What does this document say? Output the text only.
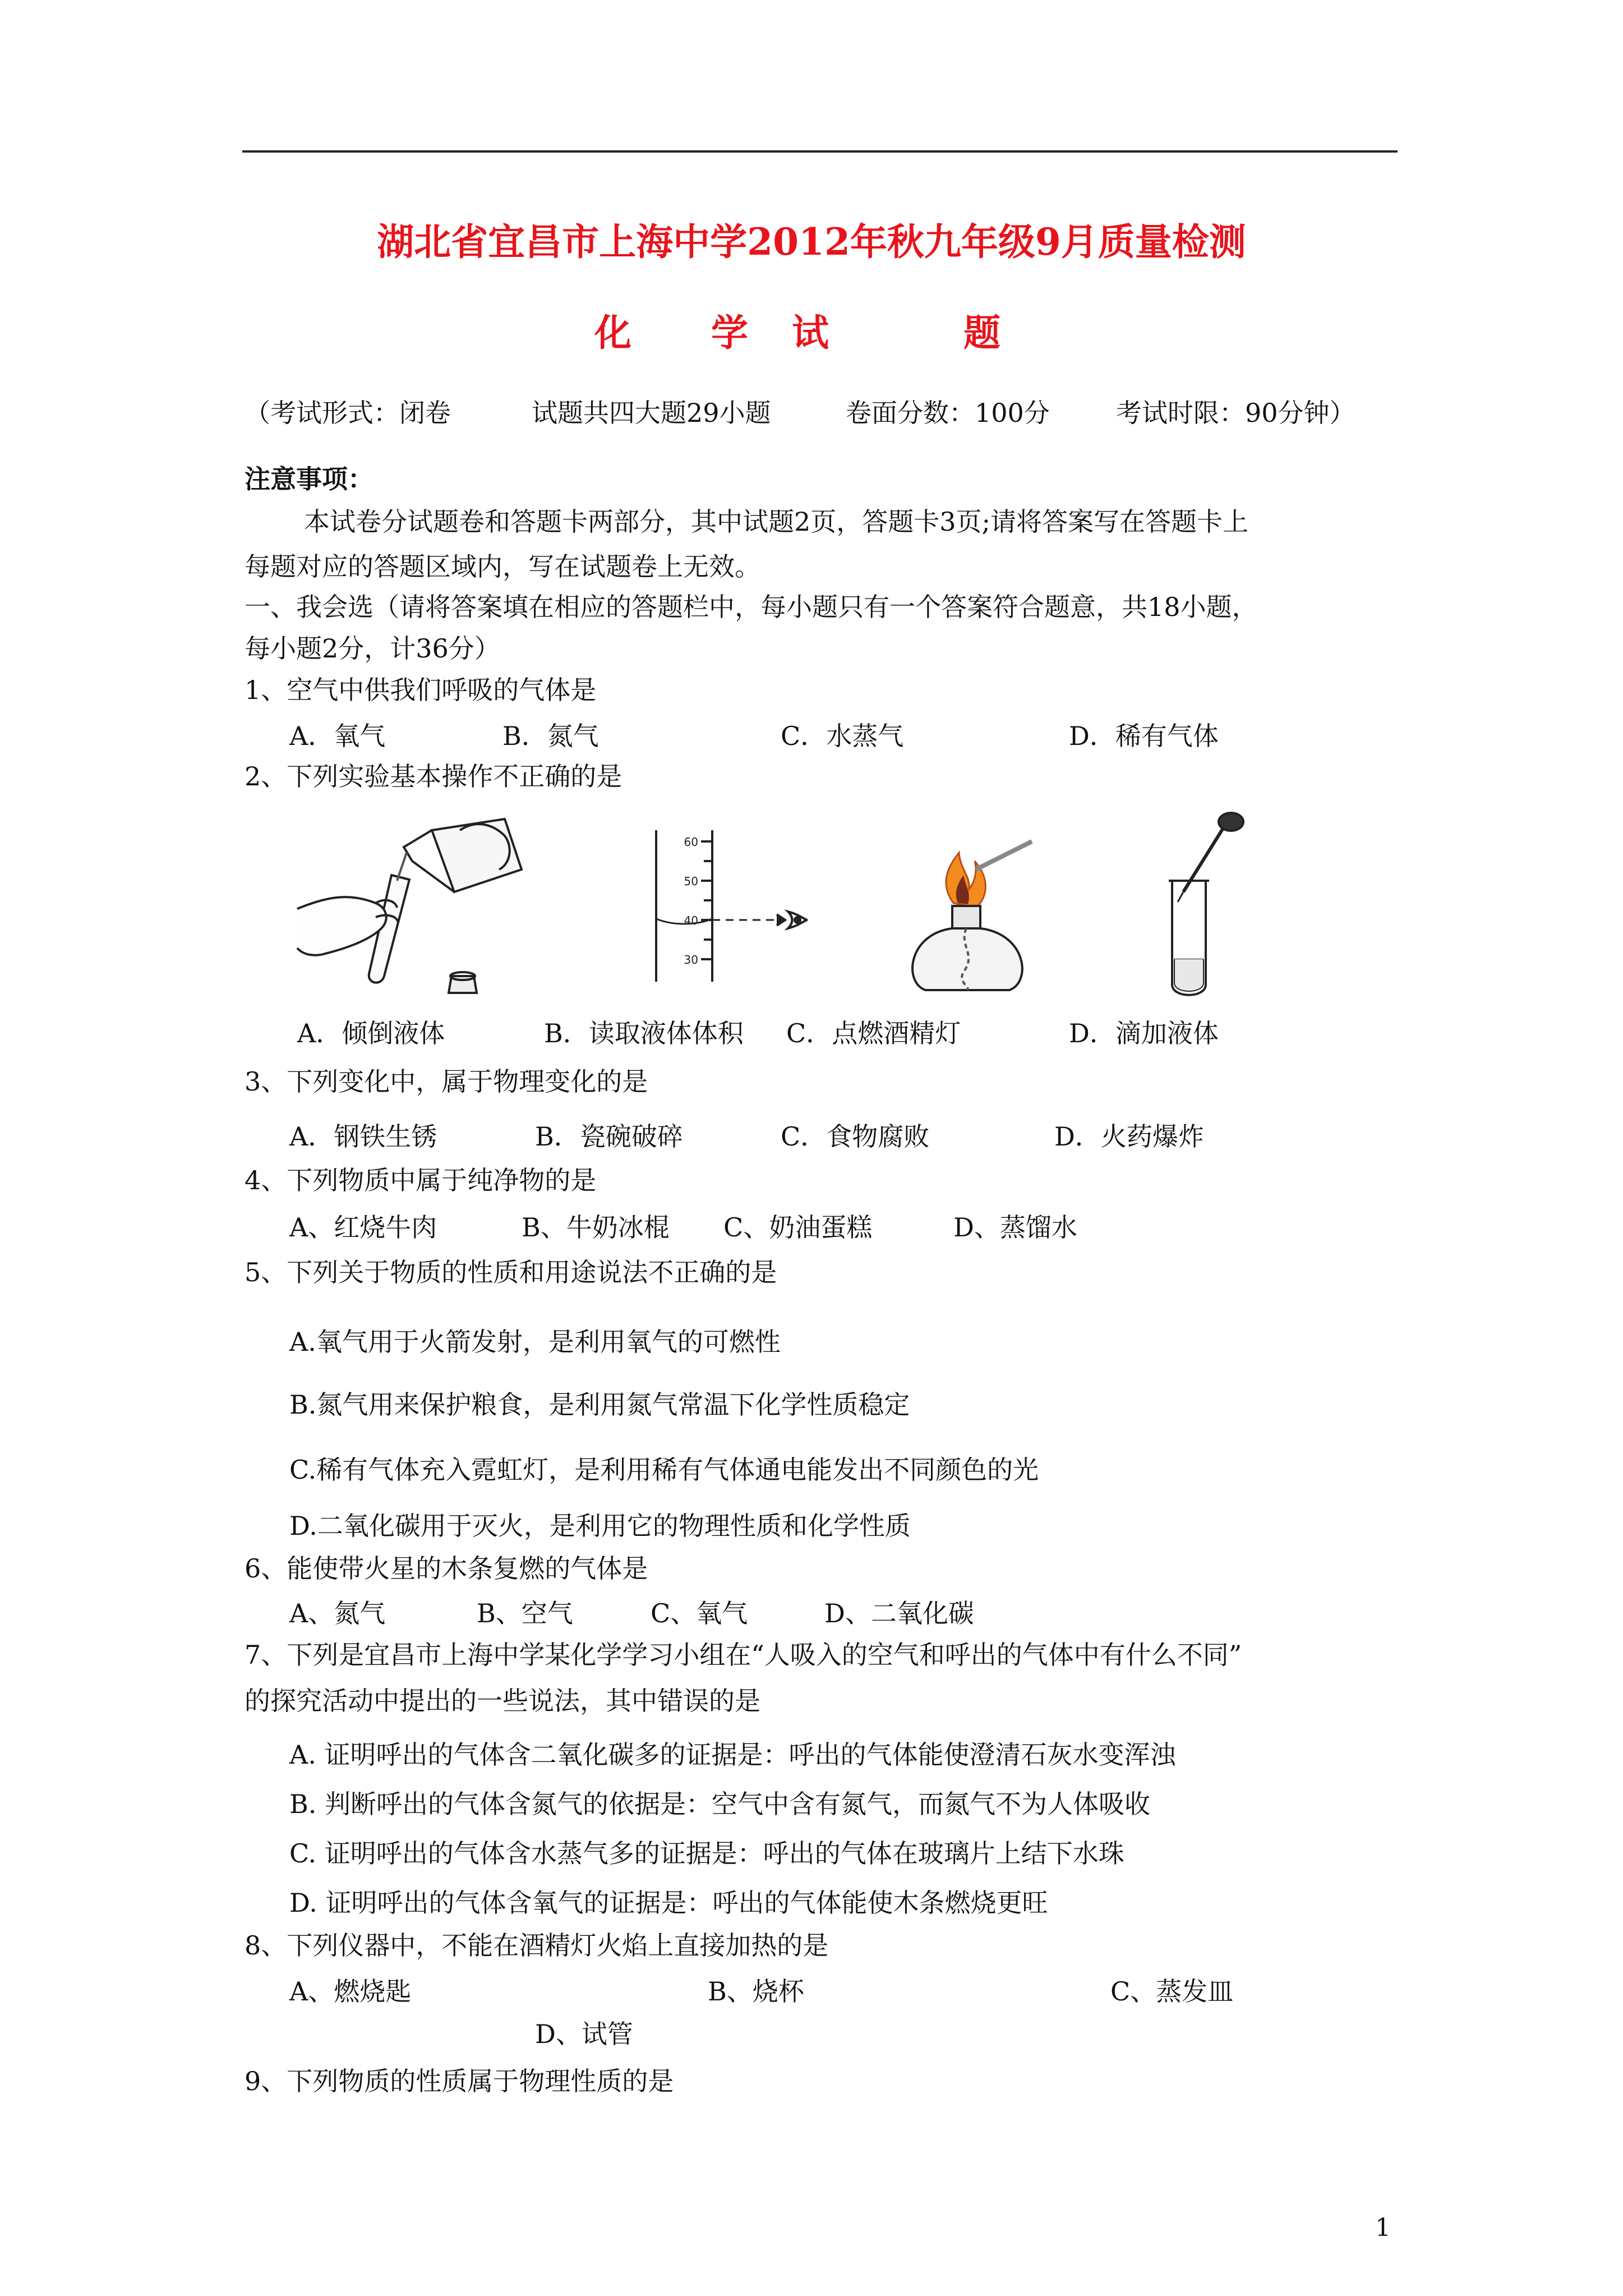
湖北省宜昌市上海中学2012年秋九年级9月质量检测
化 学 试	题
（考试形式：闭卷	试题共四大题29小题	卷面分数：100分	考试时限：90分钟）
注意事项：
本试卷分试题卷和答题卡两部分，其中试题2页，答题卡3页;请将答案写在答题卡上
每题对应的答题区域内，写在试题卷上无效。
一、我会选（请将答案填在相应的答题栏中，每小题只有一个答案符合题意，共18小题，
每小题2分，计36分）
1、空气中供我们呼吸的气体是
A．氧气	B．氮气	C．水蒸气	D．稀有气体
2、下列实验基本操作不正确的是
60
50
40
30
A．倾倒液体	B．读取液体体积 C．点燃酒精灯	D．滴加液体
3、下列变化中，属于物理变化的是
A．钢铁生锈	B．瓷碗破碎	C．食物腐败	D．火药爆炸
4、下列物质中属于纯净物的是
A、红烧牛肉	B、牛奶冰棍 C、奶油蛋糕	D、蒸馏水
5、下列关于物质的性质和用途说法不正确的是
A.氧气用于火箭发射，是利用氧气的可燃性
B.氮气用来保护粮食，是利用氮气常温下化学性质稳定
C.稀有气体充入霓虹灯，是利用稀有气体通电能发出不同颜色的光
D.二氧化碳用于灭火，是利用它的物理性质和化学性质
6、能使带火星的木条复燃的气体是
A、氮气	B、空气	C、氧气	D、二氧化碳
7、下列是宜昌市上海中学某化学学习小组在“人吸入的空气和呼出的气体中有什么不同”
的探究活动中提出的一些说法，其中错误的是
A. 证明呼出的气体含二氧化碳多的证据是：呼出的气体能使澄清石灰水变浑浊
B. 判断呼出的气体含氮气的依据是：空气中含有氮气，而氮气不为人体吸收
C. 证明呼出的气体含水蒸气多的证据是：呼出的气体在玻璃片上结下水珠
D. 证明呼出的气体含氧气的证据是：呼出的气体能使木条燃烧更旺
8、下列仪器中，不能在酒精灯火焰上直接加热的是
A、燃烧匙	B、烧杯	C、蒸发皿
D、试管
9、下列物质的性质属于物理性质的是
1
